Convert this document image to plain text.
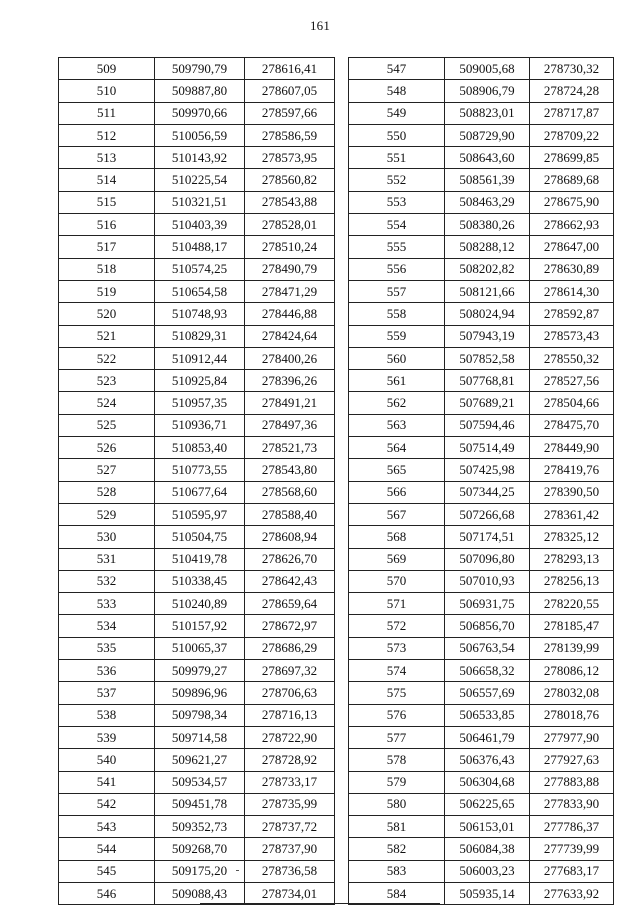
161
509	509790,79	278616,41
510	509887,80	278607,05
511	509970,66	278597,66
512	510056,59	278586,59
513	510143,92	278573,95
514	510225,54	278560,82
515	510321,51	278543,88
516	510403,39	278528,01
517	510488,17	278510,24
518	510574,25	278490,79
519	510654,58	278471,29
520	510748,93	278446,88
521	510829,31	278424,64
522	510912,44	278400,26
523	510925,84	278396,26
524	510957,35	278491,21
525	510936,71	278497,36
526	510853,40	278521,73
527	510773,55	278543,80
528	510677,64	278568,60
529	510595,97	278588,40
530	510504,75	278608,94
531	510419,78	278626,70
532	510338,45	278642,43
533	510240,89	278659,64
534	510157,92	278672,97
535	510065,37	278686,29
536	509979,27	278697,32
537	509896,96	278706,63
538	509798,34	278716,13
539	509714,58	278722,90
540	509621,27	278728,92
541	509534,57	278733,17
542	509451,78	278735,99
543	509352,73	278737,72
544	509268,70	278737,90
545	509175,20	278736,58
546	509088,43	278734,01
547	509005,68	278730,32
548	508906,79	278724,28
549	508823,01	278717,87
550	508729,90	278709,22
551	508643,60	278699,85
552	508561,39	278689,68
553	508463,29	278675,90
554	508380,26	278662,93
555	508288,12	278647,00
556	508202,82	278630,89
557	508121,66	278614,30
558	508024,94	278592,87
559	507943,19	278573,43
560	507852,58	278550,32
561	507768,81	278527,56
562	507689,21	278504,66
563	507594,46	278475,70
564	507514,49	278449,90
565	507425,98	278419,76
566	507344,25	278390,50
567	507266,68	278361,42
568	507174,51	278325,12
569	507096,80	278293,13
570	507010,93	278256,13
571	506931,75	278220,55
572	506856,70	278185,47
573	506763,54	278139,99
574	506658,32	278086,12
575	506557,69	278032,08
576	506533,85	278018,76
577	506461,79	277977,90
578	506376,43	277927,63
579	506304,68	277883,88
580	506225,65	277833,90
581	506153,01	277786,37
582	506084,38	277739,99
583	506003,23	277683,17
584	505935,14	277633,92
